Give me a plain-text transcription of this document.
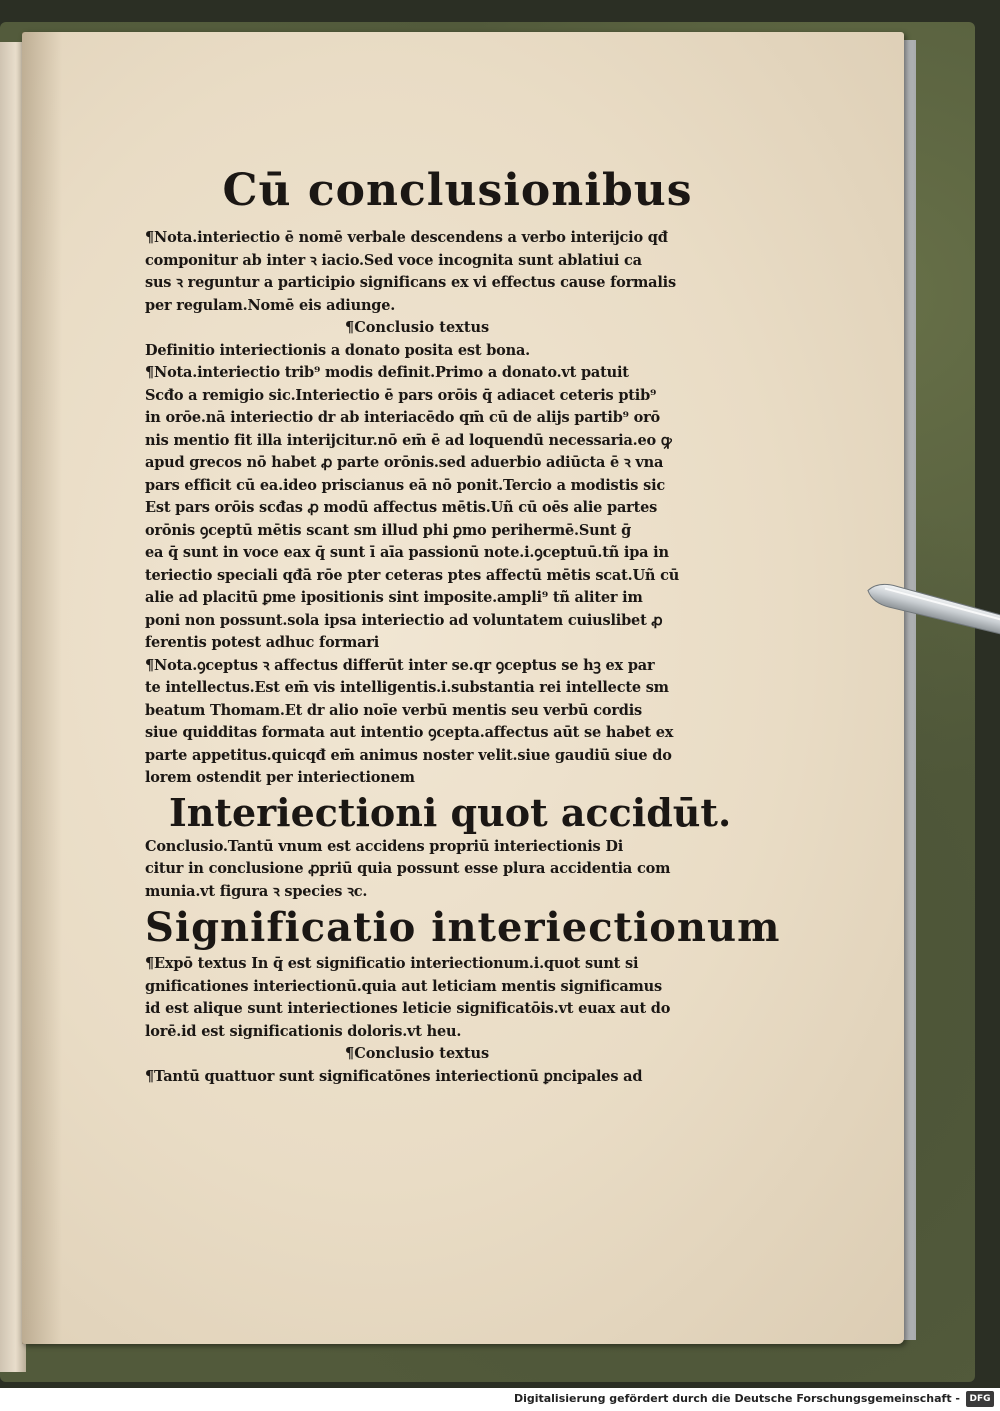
Cū conclusionibus
¶Nota.interiectio ē nomē verbale descendens a verbo interijcio qđ
componitur ab inter ꝛ iacio.Sed voce incognita sunt ablatiui ca
sus ꝛ reguntur a participio significans ex vi effectus cause formalis
per regulam.Nomē eis adiunge.
¶Conclusio textus
Definitio interiectionis a donato posita est bona.
¶Nota.interiectio trib⁹ modis definit.Primo a donato.vt patuit
Scđo a remigio sic.Interiectio ē pars orōis q̄ adiacet ceteris ptib⁹
in orōe.nā interiectio dr ab interiacēdo qm̄ cū de alijs partib⁹ orō
nis mentio fit illa interijcitur.nō em̄ ē ad loquendū necessaria.eo ꝙ
apud grecos nō habet ꝓ parte orōnis.sed aduerbio adiūcta ē ꝛ vna
pars efficit cū ea.ideo priscianus eā nō ponit.Tercio a modistis sic
Est pars orōis scđas ꝓ modū affectus mētis.Uñ cū oēs alie partes
orōnis ꝯceptū mētis scant sm illud phi ꝑmo perihermē.Sunt ḡ
ea q̄ sunt in voce eax q̄ sunt ī aīa passionū note.i.ꝯceptuū.tñ ipa in
teriectio speciali qđā rōe pter ceteras ptes affectū mētis scat.Uñ cū
alie ad placitū ꝑme ipositionis sint imposite.ampli⁹ tñ aliter im
poni non possunt.sola ipsa interiectio ad voluntatem cuiuslibet ꝓ
ferentis potest adhuc formari
¶Nota.ꝯceptus ꝛ affectus differūt inter se.qr ꝯceptus se hꝫ ex par
te intellectus.Est em̄ vis intelligentis.i.substantia rei intellecte sm
beatum Thomam.Et dr alio noīe verbū mentis seu verbū cordis
siue quidditas formata aut intentio ꝯcepta.affectus aūt se habet ex
parte appetitus.quicqđ em̄ animus noster velit.siue gaudiū siue do
lorem ostendit per interiectionem
Interiectioni quot accidūt.
Conclusio.Tantū vnum est accidens propriū interiectionis Di
citur in conclusione ꝓpriū quia possunt esse plura accidentia com
munia.vt figura ꝛ species ꝛc.
Significatio interiectionum
¶Expō textus In q̄ est significatio interiectionum.i.quot sunt si
gnificationes interiectionū.quia aut leticiam mentis significamus
id est alique sunt interiectiones leticie significatōis.vt euax aut do
lorē.id est significationis doloris.vt heu.
¶Conclusio textus
¶Tantū quattuor sunt significatōnes interiectionū ꝑncipales ad
Digitalisierung gefördert durch die Deutsche Forschungsgemeinschaft -	DFG
